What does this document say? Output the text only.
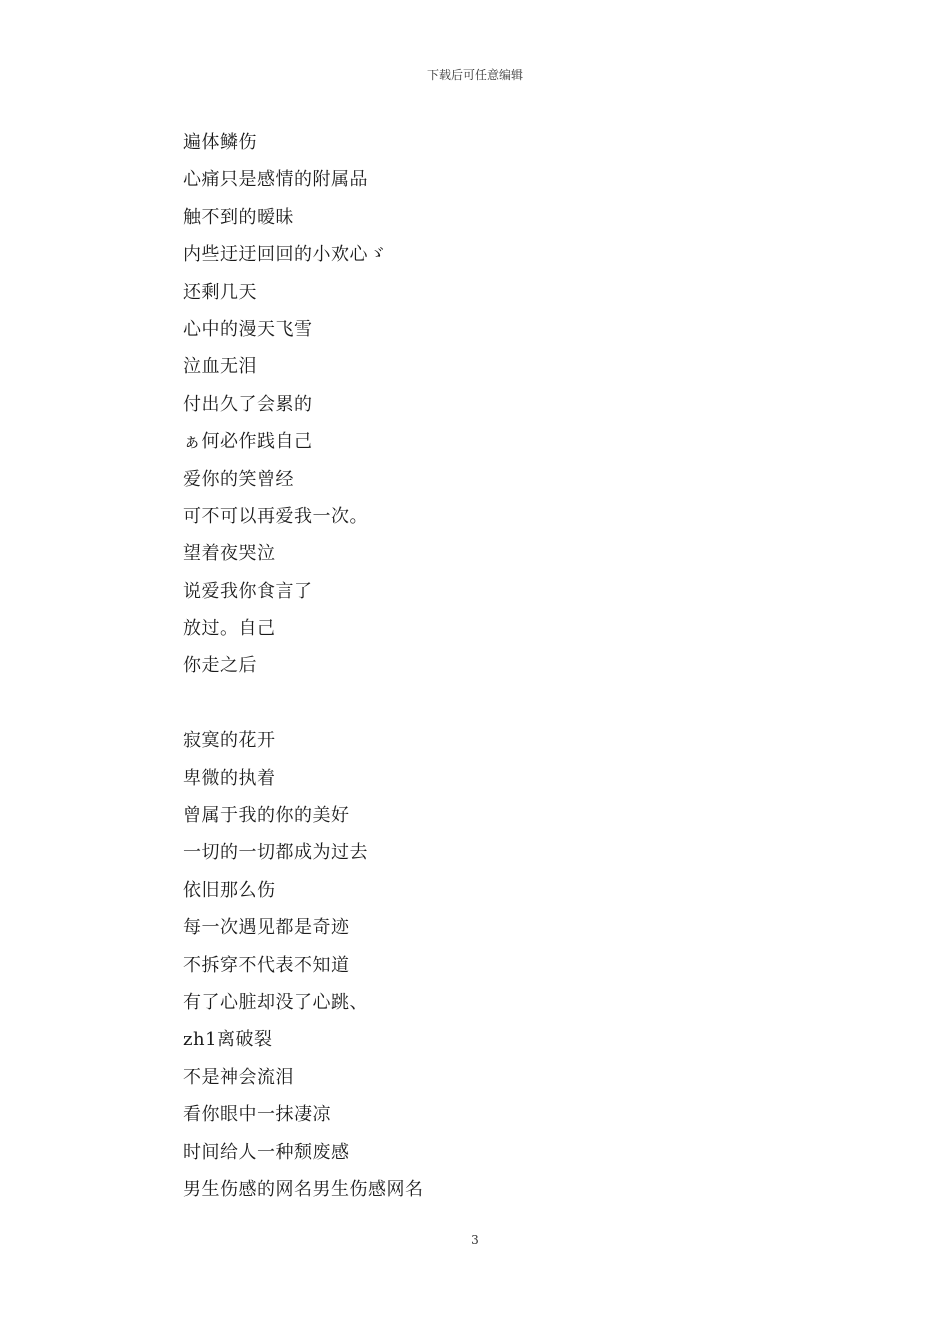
下载后可任意编辑
遍体鳞伤
心痛只是感情的附属品
触不到的暧昧
内些迂迂回回的小欢心ゞ
还剩几天
心中的漫天飞雪
泣血无泪
付出久了会累的
ぁ何必作践自己
爱你的笑曾经
可不可以再爱我一次。
望着夜哭泣
说爱我你食言了
放过。自己
你走之后
寂寞的花开
卑微的执着
曾属于我的你的美好
一切的一切都成为过去
依旧那么伤
每一次遇见都是奇迹
不拆穿不代表不知道
有了心脏却没了心跳、
zh1离破裂
不是神会流泪
看你眼中一抹凄凉
时间给人一种颓废感
男生伤感的网名男生伤感网名
3
